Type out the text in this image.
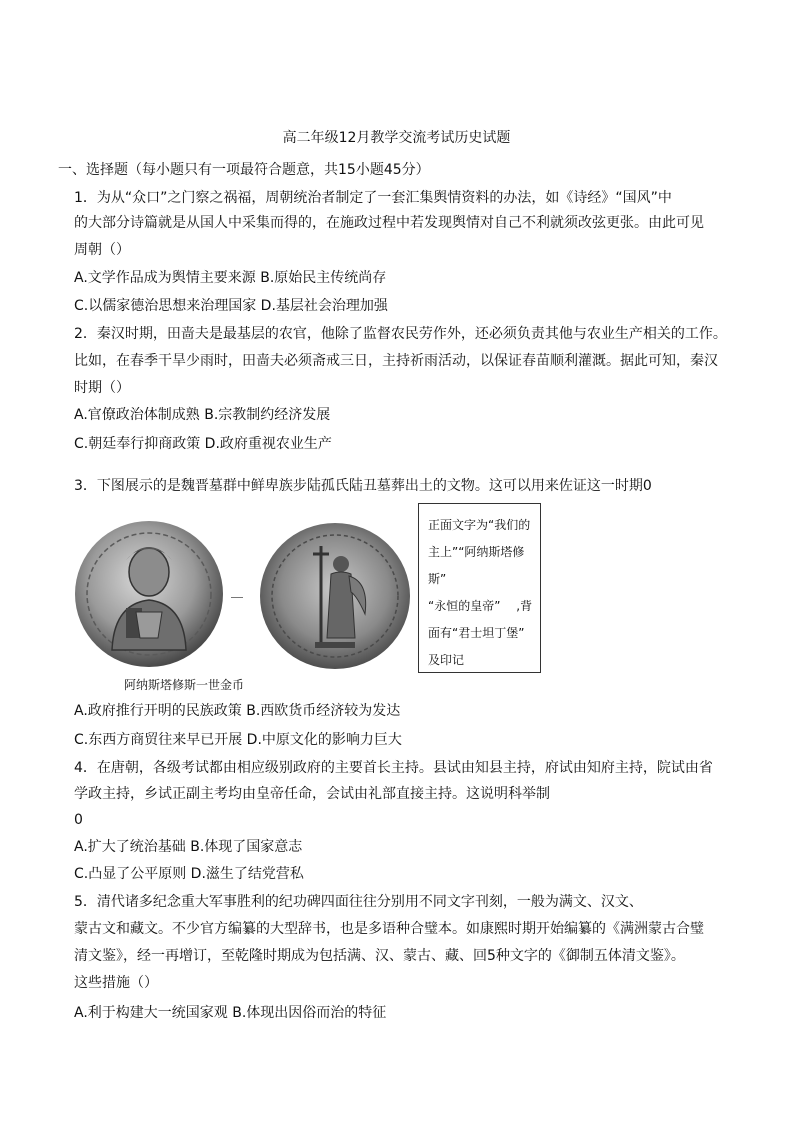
高二年级12月教学交流考试历史试题
一、选择题（每小题只有一项最符合题意，共15小题45分）
1．为从“众口”之门察之祸福，周朝统治者制定了一套汇集舆情资料的办法，如《诗经》“国风”中
的大部分诗篇就是从国人中采集而得的，在施政过程中若发现舆情对自己不利就须改弦更张。由此可见
周朝（）
A.文学作品成为舆情主要来源 B.原始民主传统尚存
C.以儒家德治思想来治理国家 D.基层社会治理加强
2．秦汉时期，田啬夫是最基层的农官，他除了监督农民劳作外，还必须负责其他与农业生产相关的工作。
比如，在春季干旱少雨时，田啬夫必须斋戒三日，主持祈雨活动，以保证春苗顺利灌溉。据此可知，秦汉
时期（）
A.官僚政治体制成熟 B.宗教制约经济发展
C.朝廷奉行抑商政策 D.政府重视农业生产
3．下图展示的是魏晋墓群中鲜卑族步陆孤氏陆丑墓葬出土的文物。这可以用来佐证这一时期0
正面文字为“我们的
主上”“阿纳斯塔修
斯”
“永恒的皇帝”　 ,背
面有“君士坦丁堡”
及印记
阿纳斯塔修斯一世金币
A.政府推行开明的民族政策 B.西欧货币经济较为发达
C.东西方商贸往来早已开展 D.中原文化的影响力巨大
4．在唐朝，各级考试都由相应级别政府的主要首长主持。县试由知县主持，府试由知府主持，院试由省
学政主持，乡试正副主考均由皇帝任命，会试由礼部直接主持。这说明科举制
0
A.扩大了统治基础 B.体现了国家意志
C.凸显了公平原则 D.滋生了结党营私
5．清代诸多纪念重大军事胜利的纪功碑四面往往分别用不同文字刊刻，一般为满文、汉文、
蒙古文和藏文。不少官方编纂的大型辞书，也是多语种合璧本。如康熙时期开始编纂的《满洲蒙古合璧
清文鉴》，经一再增订，至乾隆时期成为包括满、汉、蒙古、藏、回5种文字的《御制五体清文鉴》。
这些措施（）
A.利于构建大一统国家观 B.体现出因俗而治的特征
